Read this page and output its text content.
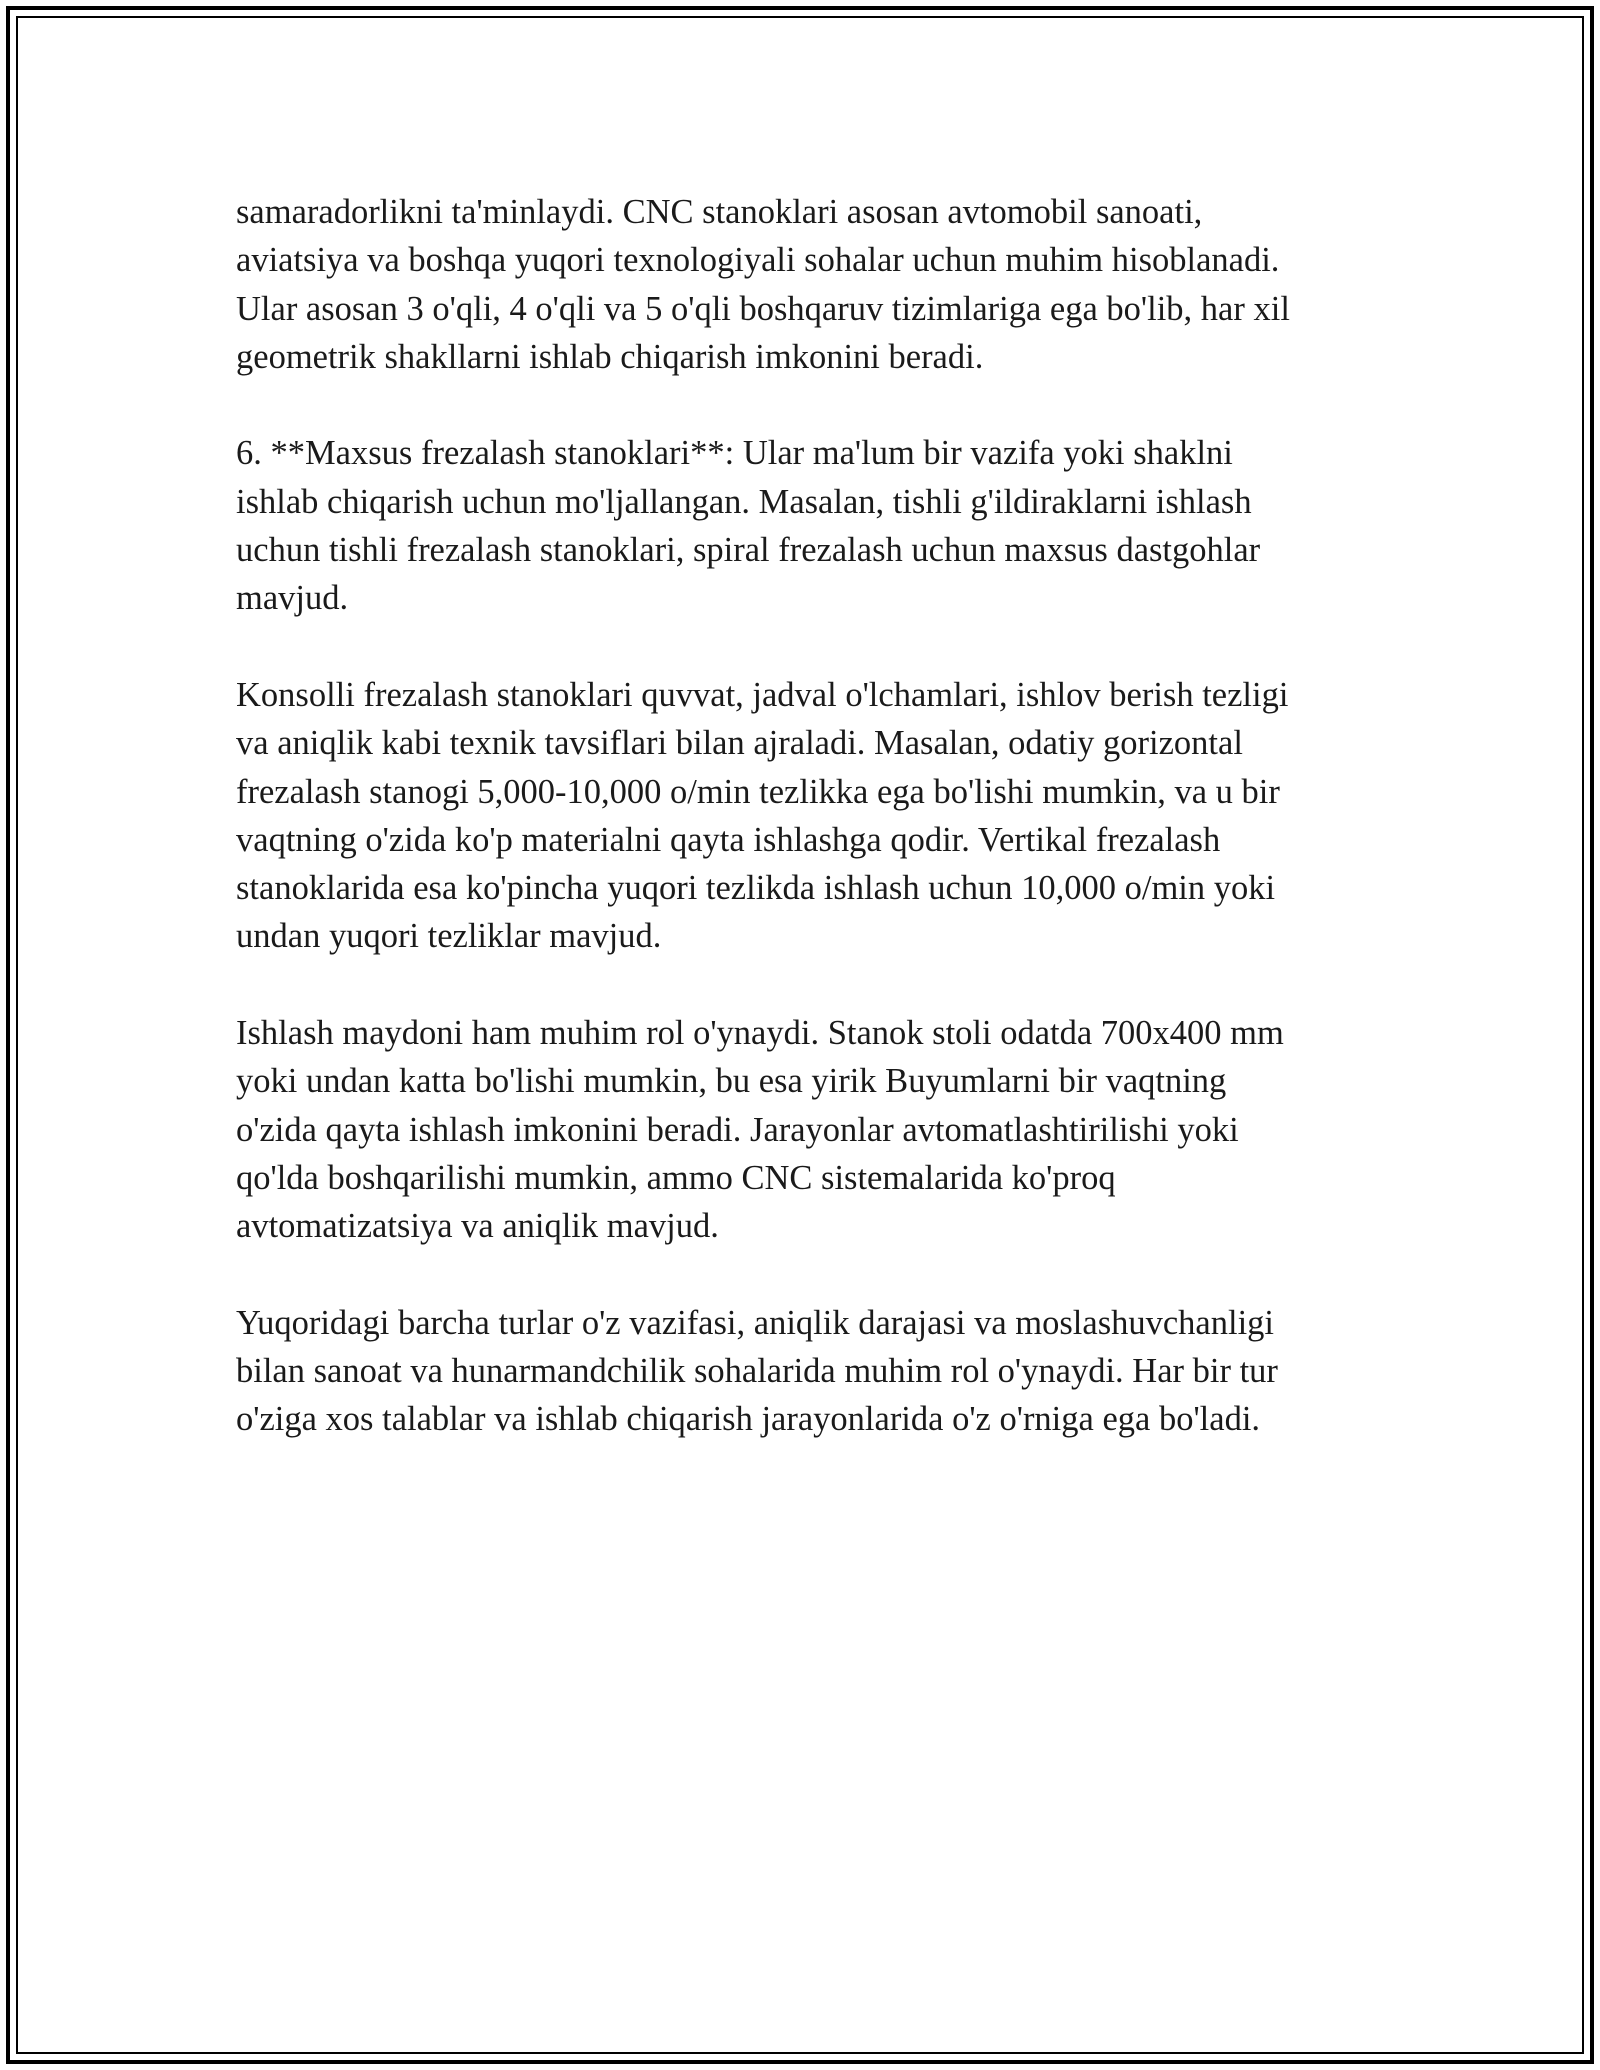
samaradorlikni ta'minlaydi. CNC stanoklari asosan avtomobil sanoati,
aviatsiya va boshqa yuqori texnologiyali sohalar uchun muhim hisoblanadi.
Ular asosan 3 o'qli, 4 o'qli va 5 o'qli boshqaruv tizimlariga ega bo'lib, har xil
geometrik shakllarni ishlab chiqarish imkonini beradi.

6. **Maxsus frezalash stanoklari**: Ular ma'lum bir vazifa yoki shaklni
ishlab chiqarish uchun mo'ljallangan. Masalan, tishli g'ildiraklarni ishlash
uchun tishli frezalash stanoklari, spiral frezalash uchun maxsus dastgohlar
mavjud.

Konsolli frezalash stanoklari quvvat, jadval o'lchamlari, ishlov berish tezligi
va aniqlik kabi texnik tavsiflari bilan ajraladi. Masalan, odatiy gorizontal
frezalash stanogi 5,000-10,000 o/min tezlikka ega bo'lishi mumkin, va u bir
vaqtning o'zida ko'p materialni qayta ishlashga qodir. Vertikal frezalash
stanoklarida esa ko'pincha yuqori tezlikda ishlash uchun 10,000 o/min yoki
undan yuqori tezliklar mavjud.

Ishlash maydoni ham muhim rol o'ynaydi. Stanok stoli odatda 700x400 mm
yoki undan katta bo'lishi mumkin, bu esa yirik Buyumlarni bir vaqtning
o'zida qayta ishlash imkonini beradi. Jarayonlar avtomatlashtirilishi yoki
qo'lda boshqarilishi mumkin, ammo CNC sistemalarida ko'proq
avtomatizatsiya va aniqlik mavjud.

Yuqoridagi barcha turlar o'z vazifasi, aniqlik darajasi va moslashuvchanligi
bilan sanoat va hunarmandchilik sohalarida muhim rol o'ynaydi. Har bir tur
o'ziga xos talablar va ishlab chiqarish jarayonlarida o'z o'rniga ega bo'ladi.
